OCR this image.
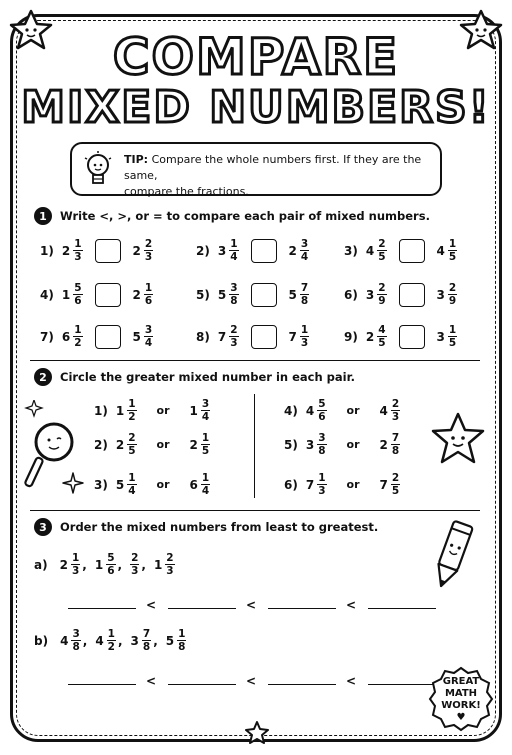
COMPARE
MIXED NUMBERS!
TIP: Compare the whole numbers first. If they are the same,
compare the fractions.
1	Write <, >, or = to compare each pair of mixed numbers.
1) $2 \frac{1}{3}$	$2 \frac{2}{3}$	2) $3 \frac{1}{4}$	$2 \frac{3}{4}$	3) $4 \frac{2}{5}$	$4 \frac{1}{5}$
4) $1 \frac{5}{6}$	$2 \frac{1}{6}$	5) $5 \frac{3}{8}$	$5 \frac{7}{8}$	6) $3 \frac{2}{9}$	$3 \frac{2}{9}$
7) $6 \frac{1}{2}$	$5 \frac{3}{4}$	8) $7 \frac{2}{3}$	$7 \frac{1}{3}$	9) $2 \frac{4}{5}$	$3 \frac{1}{5}$
2	Circle the greater mixed number in each pair.
1) $1 \frac{1}{2}$ or $1 \frac{3}{4}$
2) $2 \frac{2}{5}$ or $2 \frac{1}{5}$
3) $5 \frac{1}{4}$ or $6 \frac{1}{4}$
4) $4 \frac{5}{6}$ or $4 \frac{2}{3}$
5) $3 \frac{3}{8}$ or $2 \frac{7}{8}$
6) $7 \frac{1}{3}$ or $7 \frac{2}{5}$
3	Order the mixed numbers from least to greatest.
a) $2 \frac{1}{3}$ , $1 \frac{5}{6}$ , $\frac{2}{3}$ , $1 \frac{2}{3}$
<	<	<
b) $4 \frac{3}{8}$ , $4 \frac{1}{2}$ , $3 \frac{7}{8}$ , $5 \frac{1}{8}$
<	<	<	GREAT
MATH
WORK!
♥
